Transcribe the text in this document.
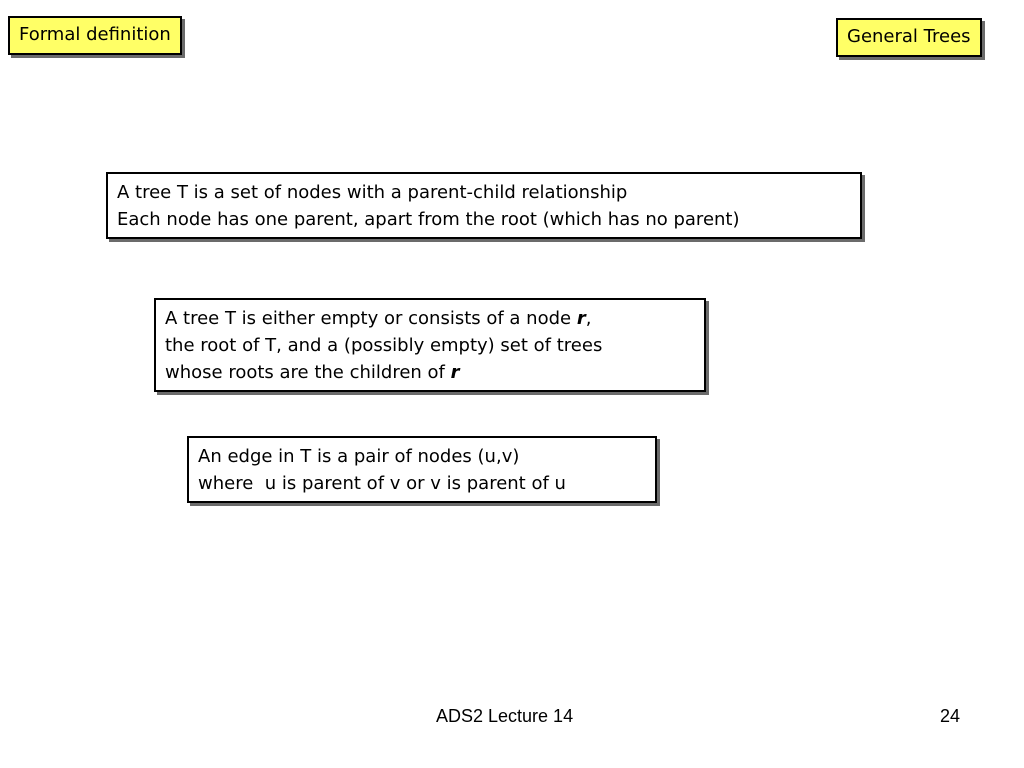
Formal definition	General Trees
A tree T is a set of nodes with a parent-child relationship
Each node has one parent, apart from the root (which has no parent)
A tree T is either empty or consists of a node r,
the root of T, and a (possibly empty) set of trees
whose roots are the children of r
An edge in T is a pair of nodes (u,v)
where  u is parent of v or v is parent of u
ADS2 Lecture 14	24
